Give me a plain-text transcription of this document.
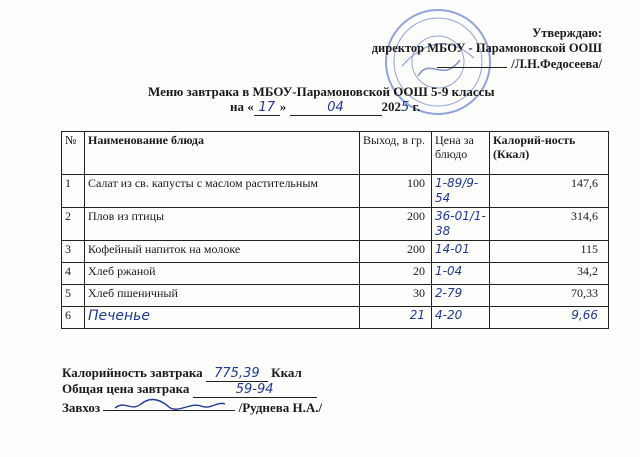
Утверждаю:
директор МБОУ - Парамоновской ООШ
/Л.Н.Федосеева/
Меню завтрака в МБОУ-Парамоновской ООШ 5-9 классы
на « 17 »	04	2025 г.
№	Наименование блюда	Выход, в гр.	Цена за блюдо	Калорий-ность (Ккал)
1	Салат из св. капусты с маслом растительным	100	1-89/9-54	147,6
2	Плов из птицы	200	36-01/1-38	314,6
3	Кофейный напиток на молоке	200	14-01	115
4	Хлеб ржаной	20	1-04	34,2
5	Хлеб пшеничный	30	2-79	70,33
6	Печенье	21	4-20	9,66
Калорийность завтрака 775,39 Ккал
Общая цена завтрака	59-94
Завхоз	/Руднева Н.А./
